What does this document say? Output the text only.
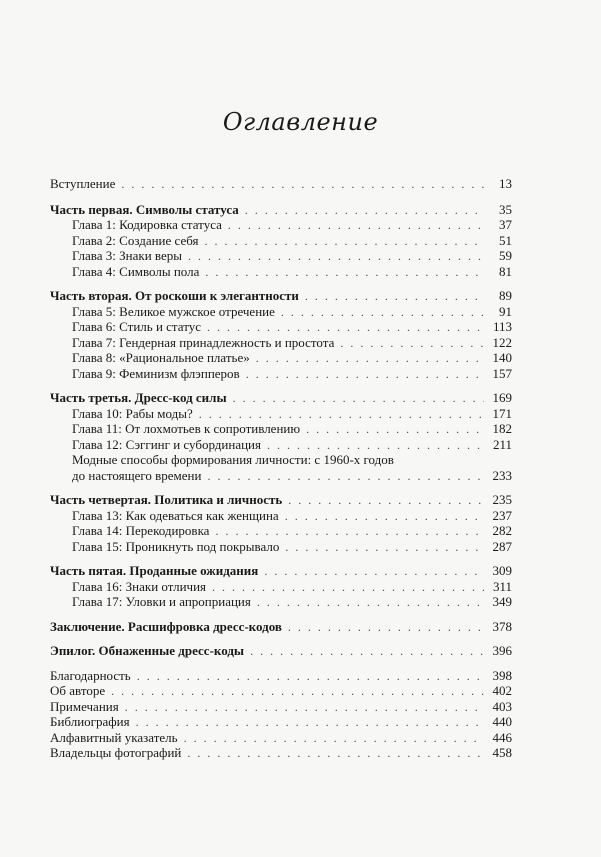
Оглавление
Вступление . . .	13
Часть первая. Символы статуса . . .	35
Глава 1: Кодировка статуса . . .	37
Глава 2: Создание себя . . .	51
Глава 3: Знаки веры . . .	59
Глава 4: Символы пола . . .	81
Часть вторая. От роскоши к элегантности . . .	89
Глава 5: Великое мужское отречение . . .	91
Глава 6: Стиль и статус . . .	113
Глава 7: Гендерная принадлежность и простота . . .	122
Глава 8: «Рациональное платье» . . .	140
Глава 9: Феминизм флэпперов . . .	157
Часть третья. Дресс-код силы . . .	169
Глава 10: Рабы моды? . . .	171
Глава 11: От лохмотьев к сопротивлению . . .	182
Глава 12: Сэггинг и субординация . . .	211
Модные способы формирования личности: с 1960-х годов
до настоящего времени . . .	233
Часть четвертая. Политика и личность . . .	235
Глава 13: Как одеваться как женщина . . .	237
Глава 14: Перекодировка . . .	282
Глава 15: Проникнуть под покрывало . . .	287
Часть пятая. Проданные ожидания . . .	309
Глава 16: Знаки отличия . . .	311
Глава 17: Уловки и апроприация . . .	349
Заключение. Расшифровка дресс-кодов . . .	378
Эпилог. Обнаженные дресс-коды . . .	396
Благодарность . . .	398
Об авторе . . .	402
Примечания . . .	403
Библиография . . .	440
Алфавитный указатель . . .	446
Владельцы фотографий . . .	458
